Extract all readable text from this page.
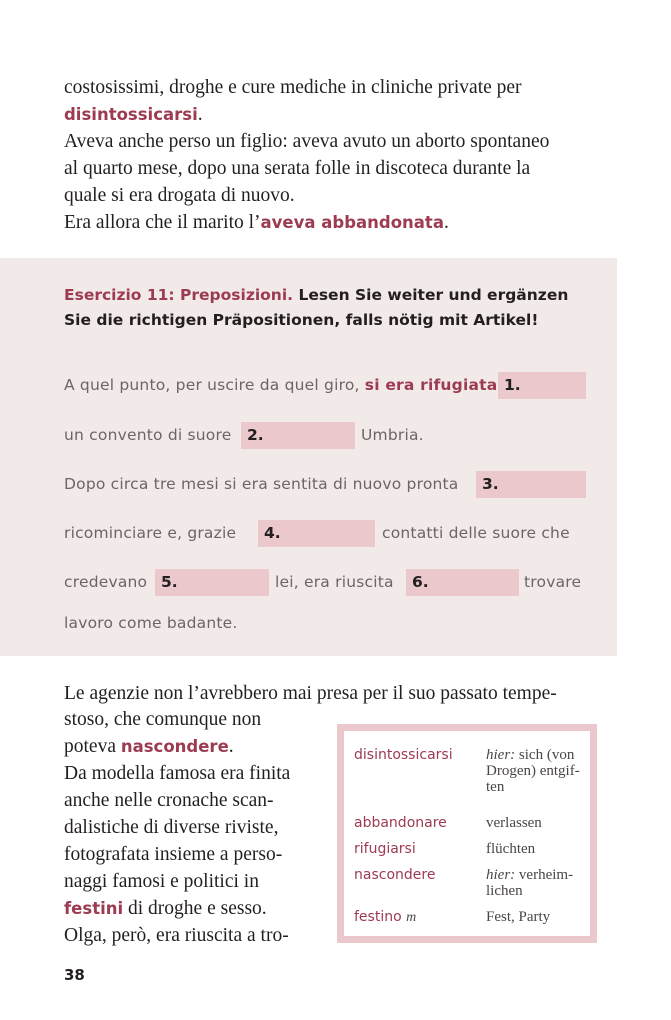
costosissimi, droghe e cure mediche in cliniche private per

disintossicarsi.

Aveva anche perso un figlio: aveva avuto un aborto spontaneo

al quarto mese, dopo una serata folle in discoteca durante la

quale si era drogata di nuovo.

Era allora che il marito l’aveva abbandonata.

Esercizio 11: Preposizioni. Lesen Sie weiter und ergänzen Sie die richtigen Präpositionen, falls nötig mit Artikel!
A quel punto, per uscire da quel giro, si era rifugiata 1.
un convento di suore	2.	Umbria.
Dopo circa tre mesi si era sentita di nuovo pronta	3.
ricominciare e, grazie	4.	contatti delle suore che
credevano 5.	lei, era riuscita	6.	trovare
lavoro come badante.
Le agenzie non l’avrebbero mai presa per il suo passato tempe-

stoso, che comunque non

poteva nascondere.

Da modella famosa era finita

anche nelle cronache scan-

dalistiche di diverse riviste,

fotografata insieme a perso-

naggi famosi e politici in

festini di droghe e sesso.

Olga, però, era riuscita a tro-

disintossicarsi	hier: sich (von Drogen) entgif-ten
abbandonare	verlassen
rifugiarsi	flüchten
nascondere	hier: verheim-lichen
festino m	Fest, Party
38
